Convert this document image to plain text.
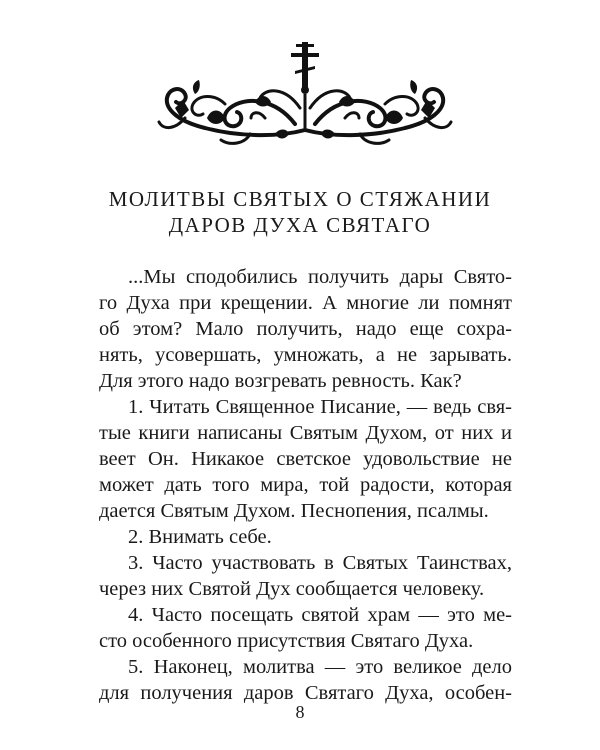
МОЛИТВЫ СВЯТЫХ О СТЯЖАНИИ
ДАРОВ ДУХА СВЯТАГО

...Мы сподобились получить дары Свято-

го Духа при крещении. А многие ли помнят

об этом? Мало получить, надо еще сохра-

нять, усовершать, умножать, а не зарывать.

Для этого надо возгревать ревность. Как?

1. Читать Священное Писание, — ведь свя-

тые книги написаны Святым Духом, от них и

веет Он. Никакое светское удовольствие не

может дать того мира, той радости, которая

дается Святым Духом. Песнопения, псалмы.

2. Внимать себе.

3. Часто участвовать в Святых Таинствах,

через них Святой Дух сообщается человеку.

4. Часто посещать святой храм — это ме-

сто особенного присутствия Святаго Духа.

5. Наконец, молитва — это великое дело

для получения даров Святаго Духа, особен-

8
